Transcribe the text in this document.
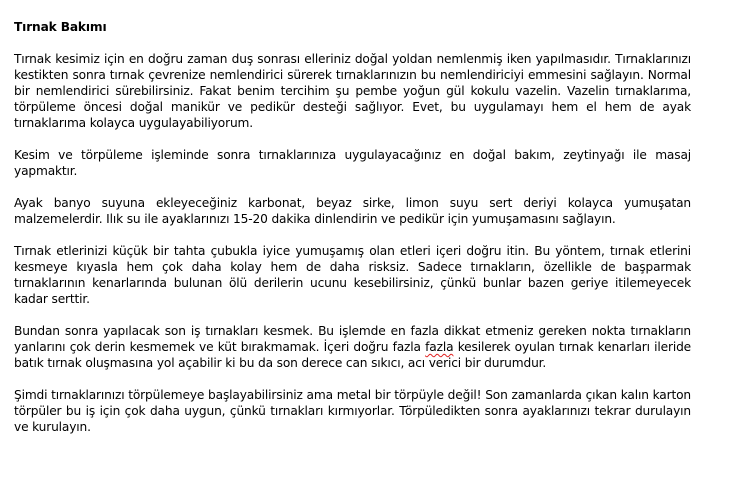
Tırnak Bakımı

Tırnak kesimiz için en doğru zaman duş sonrası elleriniz doğal yoldan nemlenmiş iken yapılmasıdır. Tırnaklarınızı kestikten sonra tırnak çevrenize nemlendirici sürerek tırnaklarınızın bu nemlendiriciyi emmesini sağlayın. Normal bir nemlendirici sürebilirsiniz. Fakat benim tercihim şu pembe yoğun gül kokulu vazelin. Vazelin tırnaklarıma, törpüleme öncesi doğal manikür ve pedikür desteği sağlıyor. Evet, bu uygulamayı hem el hem de ayak tırnaklarıma kolayca uygulayabiliyorum.

Kesim ve törpüleme işleminde sonra tırnaklarınıza uygulayacağınız en doğal bakım, zeytinyağı ile masaj yapmaktır.

Ayak banyo suyuna ekleyeceğiniz karbonat, beyaz sirke, limon suyu sert deriyi kolayca yumuşatan malzemelerdir. Ilık su ile ayaklarınızı 15-20 dakika dinlendirin ve pedikür için yumuşamasını sağlayın.

Tırnak etlerinizi küçük bir tahta çubukla iyice yumuşamış olan etleri içeri doğru itin. Bu yöntem, tırnak etlerini kesmeye kıyasla hem çok daha kolay hem de daha risksiz. Sadece tırnakların, özellikle de başparmak tırnaklarının kenarlarında bulunan ölü derilerin ucunu kesebilirsiniz, çünkü bunlar bazen geriye itilemeyecek kadar serttir.

Bundan sonra yapılacak son iş tırnakları kesmek. Bu işlemde en fazla dikkat etmeniz gereken nokta tırnakların yanlarını çok derin kesmemek ve küt bırakmamak. İçeri doğru fazla fazla kesilerek oyulan tırnak kenarları ileride batık tırnak oluşmasına yol açabilir ki bu da son derece can sıkıcı, acı verici bir durumdur.

Şimdi tırnaklarınızı törpülemeye başlayabilirsiniz ama metal bir törpüyle değil! Son zamanlarda çıkan kalın karton törpüler bu iş için çok daha uygun, çünkü tırnakları kırmıyorlar. Törpüledikten sonra ayaklarınızı tekrar durulayın ve kurulayın.
